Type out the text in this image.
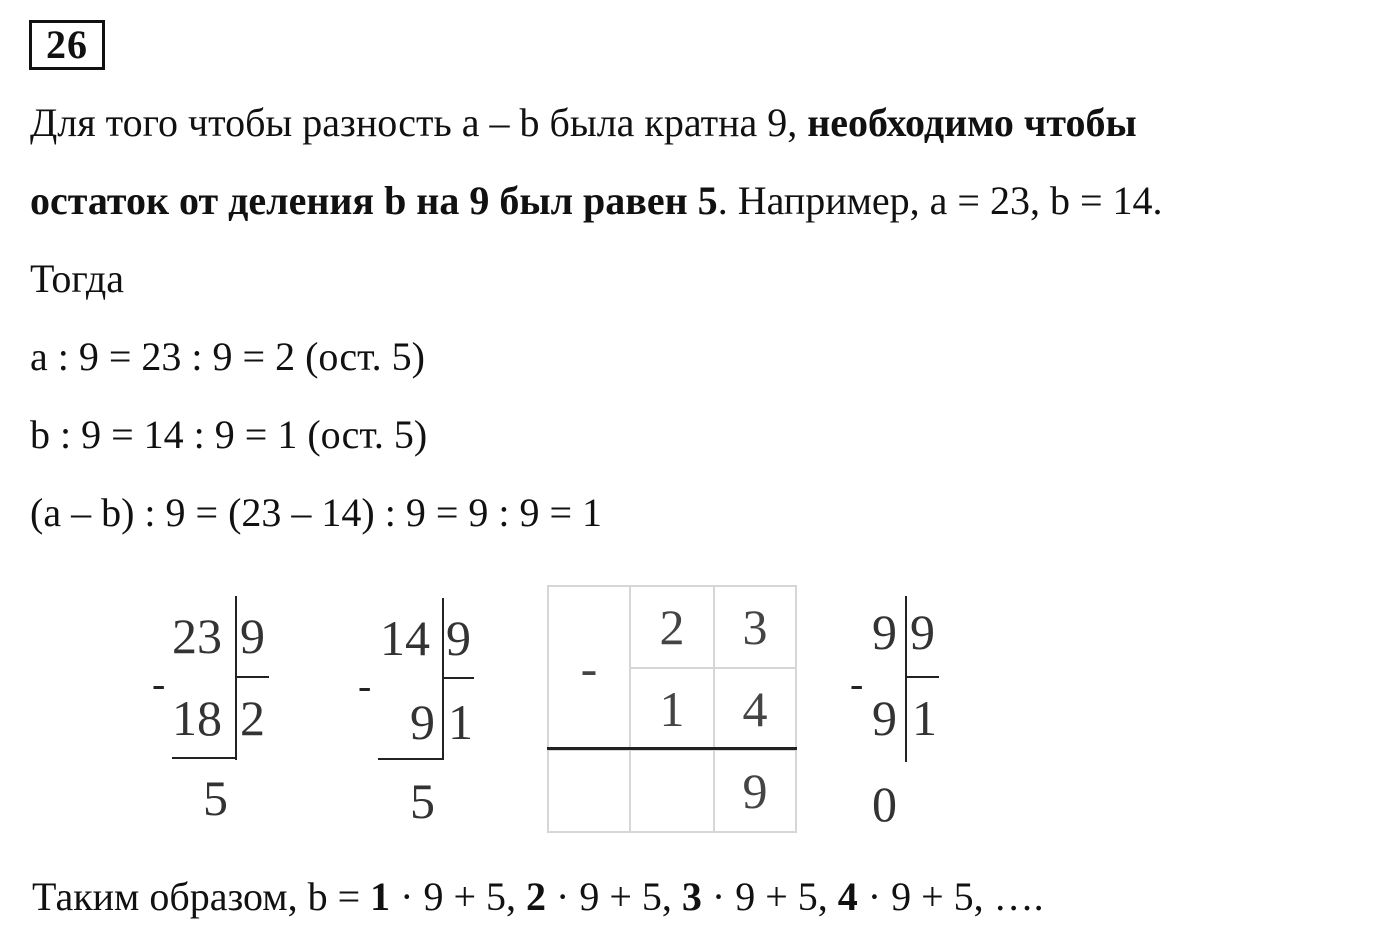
26
Для того чтобы разность a – b была кратна 9, необходимо чтобы
остаток от деления b на 9 был равен 5. Например, a = 23, b = 14.
Тогда
a : 9 = 23 : 9 = 2 (ост. 5)
b : 9 = 14 : 9 = 1 (ост. 5)
(a – b) : 9 = (23 – 14) : 9 = 9 : 9 = 1
23 9
-
18 2
5
14 9
-
9 1
5
-
2	3
1	4
9
9 9
-
9 1
0
Таким образом, b = 1 · 9 + 5, 2 · 9 + 5, 3 · 9 + 5, 4 · 9 + 5, ….
